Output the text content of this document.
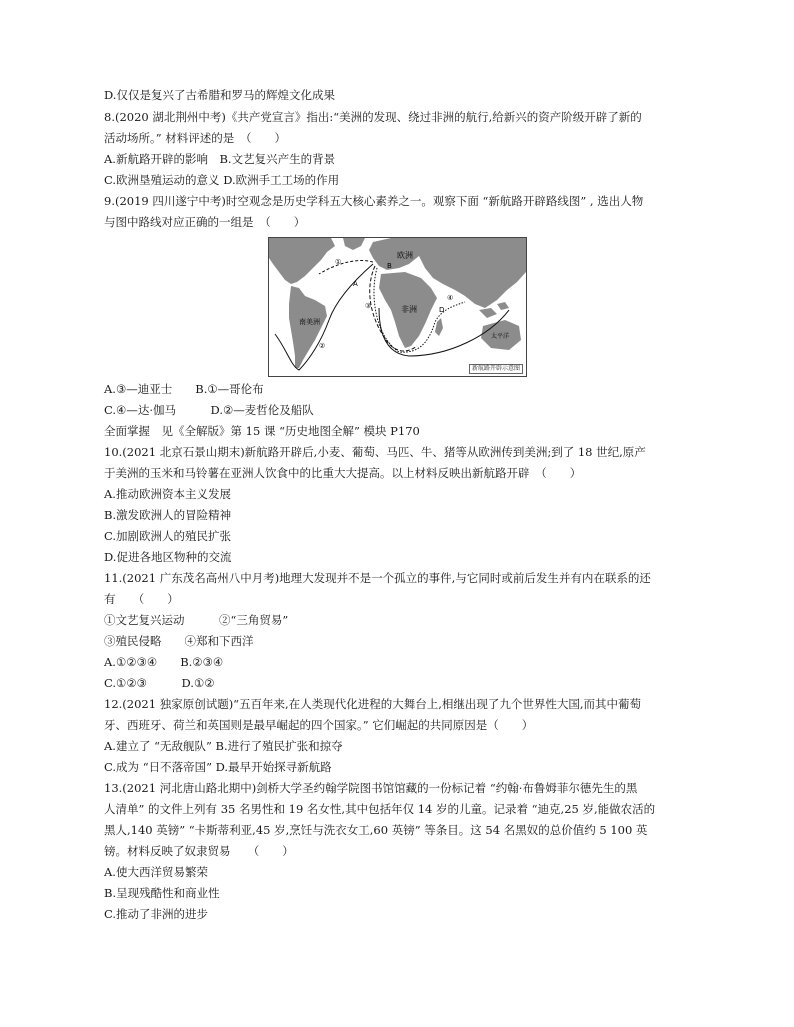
D.仅仅是复兴了古希腊和罗马的辉煌文化成果
8.(2020 湖北荆州中考)《共产党宣言》指出:“美洲的发现、绕过非洲的航行,给新兴的资产阶级开辟了新的
活动场所。” 材料评述的是　（　　）
A.新航路开辟的影响　B.文艺复兴产生的背景
C.欧洲垦殖运动的意义 D.欧洲手工工场的作用
9.(2019 四川遂宁中考)时空观念是历史学科五大核心素养之一。观察下面 “新航路开辟路线图” , 选出人物
与图中路线对应正确的一组是　（　　）
欧洲
非洲
南美洲
太平洋
①
②
③
④
A
B
D
新航路开辟示意图
A.③—迪亚士　　B.①—哥伦布
C.④—达·伽马　　　D.②—麦哲伦及船队
全面掌握　见《全解版》第 15 课 “历史地图全解” 模块 P170
10.(2021 北京石景山期末)新航路开辟后,小麦、葡萄、马匹、牛、猪等从欧洲传到美洲;到了 18 世纪,原产
于美洲的玉米和马铃薯在亚洲人饮食中的比重大大提高。以上材料反映出新航路开辟　（　　）
A.推动欧洲资本主义发展
B.激发欧洲人的冒险精神
C.加剧欧洲人的殖民扩张
D.促进各地区物种的交流
11.(2021 广东茂名高州八中月考)地理大发现并不是一个孤立的事件,与它同时或前后发生并有内在联系的还
有　　（　　）
①文艺复兴运动　　　②“三角贸易”
③殖民侵略　　④郑和下西洋
A.①②③④　　B.②③④
C.①②③　　　D.①②
12.(2021 独家原创试题)“五百年来,在人类现代化进程的大舞台上,相继出现了九个世界性大国,而其中葡萄
牙、西班牙、荷兰和英国则是最早崛起的四个国家。” 它们崛起的共同原因是（　　）
A.建立了 “无敌舰队” B.进行了殖民扩张和掠夺
C.成为 “日不落帝国” D.最早开始探寻新航路
13.(2021 河北唐山路北期中)剑桥大学圣约翰学院图书馆馆藏的一份标记着 “约翰·布鲁姆菲尔德先生的黑
人清单” 的文件上列有 35 名男性和 19 名女性,其中包括年仅 14 岁的儿童。记录着 “迪克,25 岁,能做农活的
黑人,140 英镑” “卡斯蒂利亚,45 岁,烹饪与洗衣女工,60 英镑” 等条目。这 54 名黑奴的总价值约 5 100 英
镑。材料反映了奴隶贸易　　（　　）
A.使大西洋贸易繁荣
B.呈现残酷性和商业性
C.推动了非洲的进步
